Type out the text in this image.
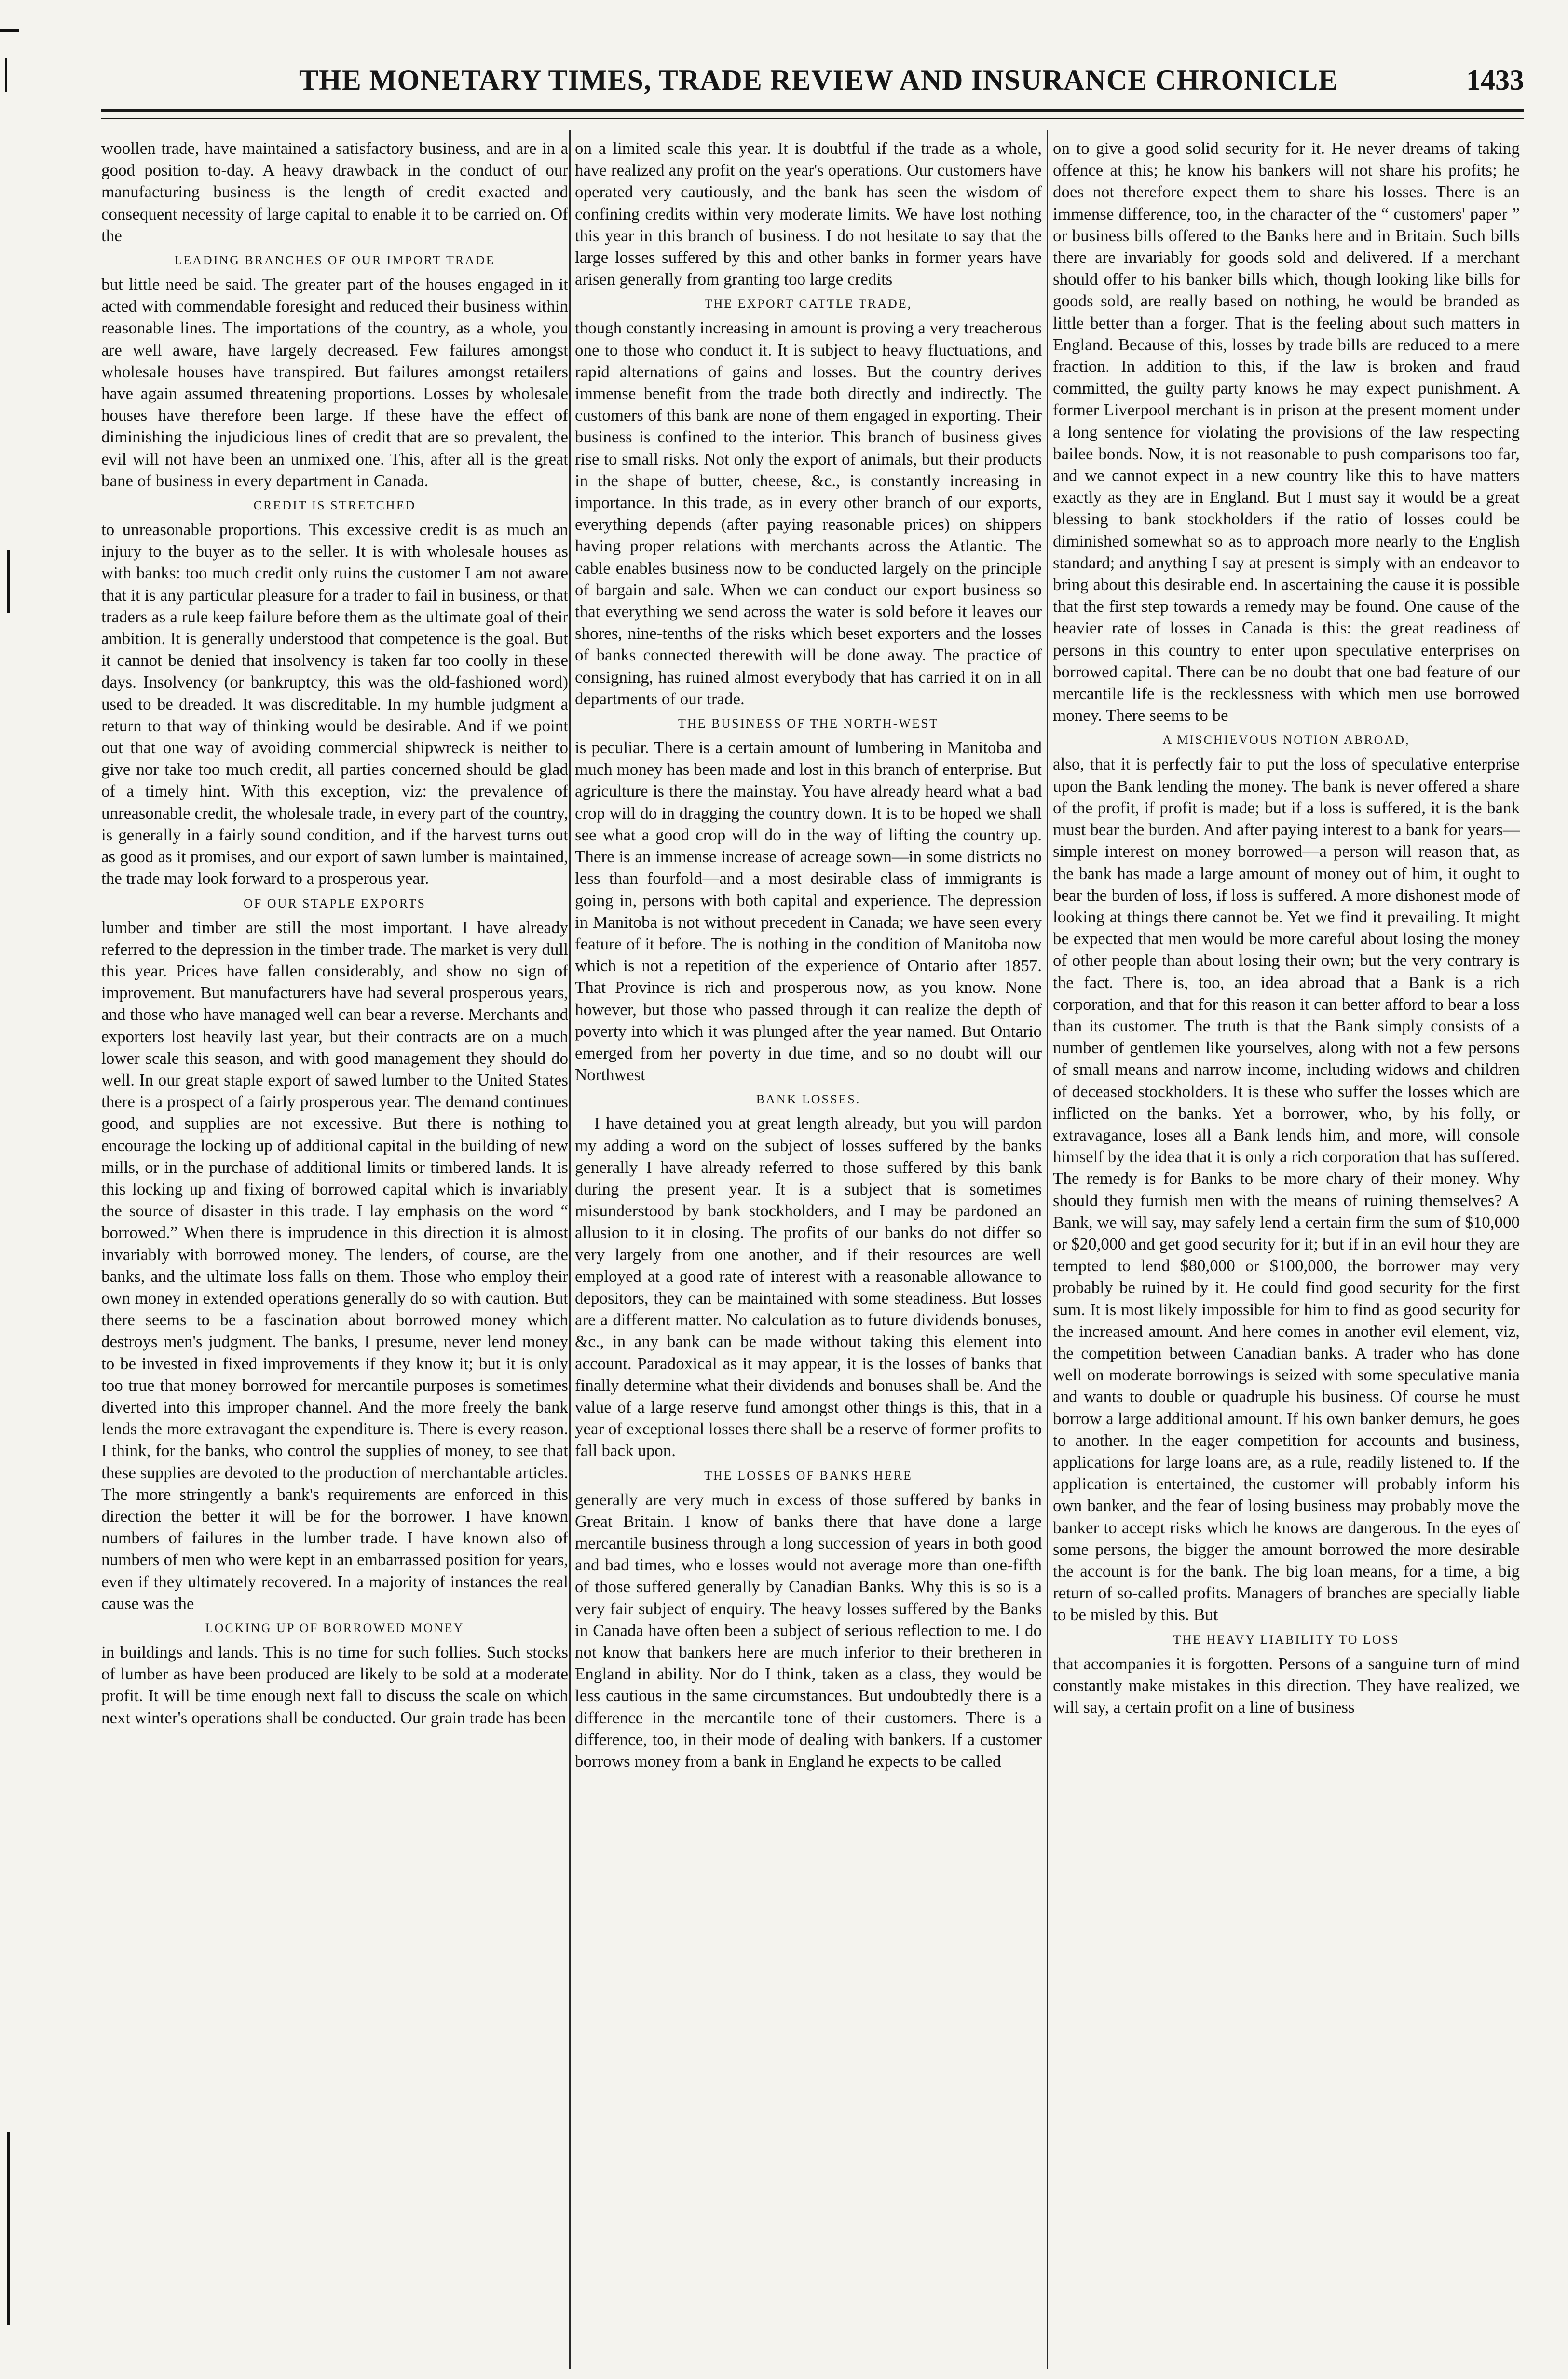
THE MONETARY TIMES, TRADE REVIEW AND INSURANCE CHRONICLE	1433

woollen trade, have maintained a satisfactory business, and are in a good position to-day. A heavy drawback in the conduct of our manufacturing business is the length of credit exacted and consequent necessity of large capital to enable it to be carried on. Of the

LEADING BRANCHES OF OUR IMPORT TRADE

but little need be said. The greater part of the houses engaged in it acted with commendable foresight and reduced their business within reasonable lines. The importations of the country, as a whole, you are well aware, have largely decreased. Few failures amongst wholesale houses have transpired. But failures amongst retailers have again assumed threatening proportions. Losses by wholesale houses have therefore been large. If these have the effect of diminishing the injudicious lines of credit that are so prevalent, the evil will not have been an unmixed one. This, after all is the great bane of business in every department in Canada.

CREDIT IS STRETCHED

to unreasonable proportions. This excessive credit is as much an injury to the buyer as to the seller. It is with wholesale houses as with banks: too much credit only ruins the customer I am not aware that it is any particular pleasure for a trader to fail in business, or that traders as a rule keep failure before them as the ultimate goal of their ambition. It is generally understood that competence is the goal. But it cannot be denied that insolvency is taken far too coolly in these days. Insolvency (or bankruptcy, this was the old-fashioned word) used to be dreaded. It was discreditable. In my humble judgment a return to that way of thinking would be desirable. And if we point out that one way of avoiding commercial shipwreck is neither to give nor take too much credit, all parties concerned should be glad of a timely hint. With this exception, viz: the prevalence of unreasonable credit, the wholesale trade, in every part of the country, is generally in a fairly sound condition, and if the harvest turns out as good as it promises, and our export of sawn lumber is maintained, the trade may look forward to a prosperous year.

OF OUR STAPLE EXPORTS

lumber and timber are still the most important. I have already referred to the depression in the timber trade. The market is very dull this year. Prices have fallen considerably, and show no sign of improvement. But manufacturers have had several prosperous years, and those who have managed well can bear a reverse. Merchants and exporters lost heavily last year, but their contracts are on a much lower scale this season, and with good management they should do well. In our great staple export of sawed lumber to the United States there is a prospect of a fairly prosperous year. The demand continues good, and supplies are not excessive. But there is nothing to encourage the locking up of additional capital in the building of new mills, or in the purchase of additional limits or timbered lands. It is this locking up and fixing of borrowed capital which is invariably the source of disaster in this trade. I lay emphasis on the word “ borrowed.” When there is imprudence in this direction it is almost invariably with borrowed money. The lenders, of course, are the banks, and the ultimate loss falls on them. Those who employ their own money in extended operations generally do so with caution. But there seems to be a fascination about borrowed money which destroys men's judgment. The banks, I presume, never lend money to be invested in fixed improvements if they know it; but it is only too true that money borrowed for mercantile purposes is sometimes diverted into this improper channel. And the more freely the bank lends the more extravagant the expenditure is. There is every reason. I think, for the banks, who control the supplies of money, to see that these supplies are devoted to the production of merchantable articles. The more stringently a bank's requirements are enforced in this direction the better it will be for the borrower. I have known numbers of failures in the lumber trade. I have known also of numbers of men who were kept in an embarrassed position for years, even if they ultimately recovered. In a majority of instances the real cause was the

LOCKING UP OF BORROWED MONEY

in buildings and lands. This is no time for such follies. Such stocks of lumber as have been produced are likely to be sold at a moderate profit. It will be time enough next fall to discuss the scale on which next winter's operations shall be conducted. Our grain trade has been

on a limited scale this year. It is doubtful if the trade as a whole, have realized any profit on the year's operations. Our customers have operated very cautiously, and the bank has seen the wisdom of confining credits within very moderate limits. We have lost nothing this year in this branch of business. I do not hesitate to say that the large losses suffered by this and other banks in former years have arisen generally from granting too large credits

THE EXPORT CATTLE TRADE,

though constantly increasing in amount is proving a very treacherous one to those who conduct it. It is subject to heavy fluctuations, and rapid alternations of gains and losses. But the country derives immense benefit from the trade both directly and indirectly. The customers of this bank are none of them engaged in exporting. Their business is confined to the interior. This branch of business gives rise to small risks. Not only the export of animals, but their products in the shape of butter, cheese, &c., is constantly increasing in importance. In this trade, as in every other branch of our exports, everything depends (after paying reasonable prices) on shippers having proper relations with merchants across the Atlantic. The cable enables business now to be conducted largely on the principle of bargain and sale. When we can conduct our export business so that everything we send across the water is sold before it leaves our shores, nine-tenths of the risks which beset exporters and the losses of banks connected therewith will be done away. The practice of consigning, has ruined almost everybody that has carried it on in all departments of our trade.

THE BUSINESS OF THE NORTH-WEST

is peculiar. There is a certain amount of lumbering in Manitoba and much money has been made and lost in this branch of enterprise. But agriculture is there the mainstay. You have already heard what a bad crop will do in dragging the country down. It is to be hoped we shall see what a good crop will do in the way of lifting the country up. There is an immense increase of acreage sown—in some districts no less than fourfold—and a most desirable class of immigrants is going in, persons with both capital and experience. The depression in Manitoba is not without precedent in Canada; we have seen every feature of it before. The is nothing in the condition of Manitoba now which is not a repetition of the experience of Ontario after 1857. That Province is rich and prosperous now, as you know. None however, but those who passed through it can realize the depth of poverty into which it was plunged after the year named. But Ontario emerged from her poverty in due time, and so no doubt will our Northwest

BANK LOSSES.

I have detained you at great length already, but you will pardon my adding a word on the subject of losses suffered by the banks generally I have already referred to those suffered by this bank during the present year. It is a subject that is sometimes misunderstood by bank stockholders, and I may be pardoned an allusion to it in closing. The profits of our banks do not differ so very largely from one another, and if their resources are well employed at a good rate of interest with a reasonable allowance to depositors, they can be maintained with some steadiness. But losses are a different matter. No calculation as to future dividends bonuses, &c., in any bank can be made without taking this element into account. Paradoxical as it may appear, it is the losses of banks that finally determine what their dividends and bonuses shall be. And the value of a large reserve fund amongst other things is this, that in a year of exceptional losses there shall be a reserve of former profits to fall back upon.

THE LOSSES OF BANKS HERE

generally are very much in excess of those suffered by banks in Great Britain. I know of banks there that have done a large mercantile business through a long succession of years in both good and bad times, who e losses would not average more than one-fifth of those suffered generally by Canadian Banks. Why this is so is a very fair subject of enquiry. The heavy losses suffered by the Banks in Canada have often been a subject of serious reflection to me. I do not know that bankers here are much inferior to their bretheren in England in ability. Nor do I think, taken as a class, they would be less cautious in the same circumstances. But undoubtedly there is a difference in the mercantile tone of their customers. There is a difference, too, in their mode of dealing with bankers. If a customer borrows money from a bank in England he expects to be called

on to give a good solid security for it. He never dreams of taking offence at this; he know his bankers will not share his profits; he does not therefore expect them to share his losses. There is an immense difference, too, in the character of the “ customers' paper ” or business bills offered to the Banks here and in Britain. Such bills there are invariably for goods sold and delivered. If a merchant should offer to his banker bills which, though looking like bills for goods sold, are really based on nothing, he would be branded as little better than a forger. That is the feeling about such matters in England. Because of this, losses by trade bills are reduced to a mere fraction. In addition to this, if the law is broken and fraud committed, the guilty party knows he may expect punishment. A former Liverpool merchant is in prison at the present moment under a long sentence for violating the provisions of the law respecting bailee bonds. Now, it is not reasonable to push comparisons too far, and we cannot expect in a new country like this to have matters exactly as they are in England. But I must say it would be a great blessing to bank stockholders if the ratio of losses could be diminished somewhat so as to approach more nearly to the English standard; and anything I say at present is simply with an endeavor to bring about this desirable end. In ascertaining the cause it is possible that the first step towards a remedy may be found. One cause of the heavier rate of losses in Canada is this: the great readiness of persons in this country to enter upon speculative enterprises on borrowed capital. There can be no doubt that one bad feature of our mercantile life is the recklessness with which men use borrowed money. There seems to be

A MISCHIEVOUS NOTION ABROAD,

also, that it is perfectly fair to put the loss of speculative enterprise upon the Bank lending the money. The bank is never offered a share of the profit, if profit is made; but if a loss is suffered, it is the bank must bear the burden. And after paying interest to a bank for years—simple interest on money borrowed—a person will reason that, as the bank has made a large amount of money out of him, it ought to bear the burden of loss, if loss is suffered. A more dishonest mode of looking at things there cannot be. Yet we find it prevailing. It might be expected that men would be more careful about losing the money of other people than about losing their own; but the very contrary is the fact. There is, too, an idea abroad that a Bank is a rich corporation, and that for this reason it can better afford to bear a loss than its customer. The truth is that the Bank simply consists of a number of gentlemen like yourselves, along with not a few persons of small means and narrow income, including widows and children of deceased stockholders. It is these who suffer the losses which are inflicted on the banks. Yet a borrower, who, by his folly, or extravagance, loses all a Bank lends him, and more, will console himself by the idea that it is only a rich corporation that has suffered. The remedy is for Banks to be more chary of their money. Why should they furnish men with the means of ruining themselves? A Bank, we will say, may safely lend a certain firm the sum of $10,000 or $20,000 and get good security for it; but if in an evil hour they are tempted to lend $80,000 or $100,000, the borrower may very probably be ruined by it. He could find good security for the first sum. It is most likely impossible for him to find as good security for the increased amount. And here comes in another evil element, viz, the competition between Canadian banks. A trader who has done well on moderate borrowings is seized with some speculative mania and wants to double or quadruple his business. Of course he must borrow a large additional amount. If his own banker demurs, he goes to another. In the eager competition for accounts and business, applications for large loans are, as a rule, readily listened to. If the application is entertained, the customer will probably inform his own banker, and the fear of losing business may probably move the banker to accept risks which he knows are dangerous. In the eyes of some persons, the bigger the amount borrowed the more desirable the account is for the bank. The big loan means, for a time, a big return of so-called profits. Managers of branches are specially liable to be misled by this. But

THE HEAVY LIABILITY TO LOSS

that accompanies it is forgotten. Persons of a sanguine turn of mind constantly make mistakes in this direction. They have realized, we will say, a certain profit on a line of business
